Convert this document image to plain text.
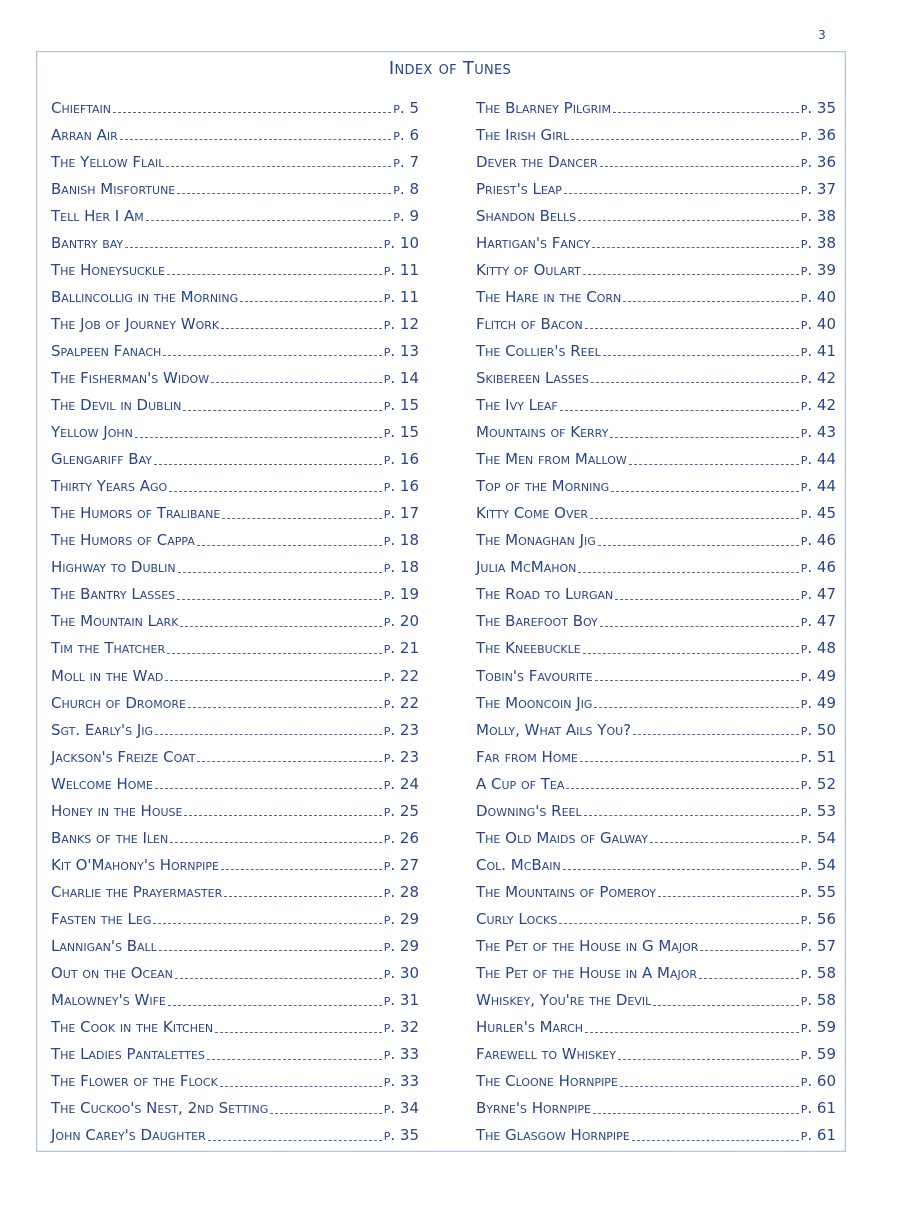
3
Index of Tunes
Chieftain	p. 5
Arran Air	p. 6
The Yellow Flail	p. 7
Banish Misfortune	p. 8
Tell Her I Am	p. 9
Bantry bay	p. 10
The Honeysuckle	p. 11
Ballincollig in the Morning	p. 11
The Job of Journey Work	p. 12
Spalpeen Fanach	p. 13
The Fisherman's Widow	p. 14
The Devil in Dublin	p. 15
Yellow John	p. 15
Glengariff Bay	p. 16
Thirty Years Ago	p. 16
The Humors of Tralibane	p. 17
The Humors of Cappa	p. 18
Highway to Dublin	p. 18
The Bantry Lasses	p. 19
The Mountain Lark	p. 20
Tim the Thatcher	p. 21
Moll in the Wad	p. 22
Church of Dromore	p. 22
Sgt. Early's Jig	p. 23
Jackson's Freize Coat	p. 23
Welcome Home	p. 24
Honey in the House	p. 25
Banks of the Ilen	p. 26
Kit O'Mahony's Hornpipe	p. 27
Charlie the Prayermaster	p. 28
Fasten the Leg	p. 29
Lannigan's Ball	p. 29
Out on the Ocean	p. 30
Malowney's Wife	p. 31
The Cook in the Kitchen	p. 32
The Ladies Pantalettes	p. 33
The Flower of the Flock	p. 33
The Cuckoo's Nest, 2nd Setting	p. 34
John Carey's Daughter	p. 35
The Blarney Pilgrim	p. 35
The Irish Girl	p. 36
Dever the Dancer	p. 36
Priest's Leap	p. 37
Shandon Bells	p. 38
Hartigan's Fancy	p. 38
Kitty of Oulart	p. 39
The Hare in the Corn	p. 40
Flitch of Bacon	p. 40
The Collier's Reel	p. 41
Skibereen Lasses	p. 42
The Ivy Leaf	p. 42
Mountains of Kerry	p. 43
The Men from Mallow	p. 44
Top of the Morning	p. 44
Kitty Come Over	p. 45
The Monaghan Jig	p. 46
Julia McMahon	p. 46
The Road to Lurgan	p. 47
The Barefoot Boy	p. 47
The Kneebuckle	p. 48
Tobin's Favourite	p. 49
The Mooncoin Jig	p. 49
Molly, What Ails You?	p. 50
Far from Home	p. 51
A Cup of Tea	p. 52
Downing's Reel	p. 53
The Old Maids of Galway	p. 54
Col. McBain	p. 54
The Mountains of Pomeroy	p. 55
Curly Locks	p. 56
The Pet of the House in G Major	p. 57
The Pet of the House in A Major	p. 58
Whiskey, You're the Devil	p. 58
Hurler's March	p. 59
Farewell to Whiskey	p. 59
The Cloone Hornpipe	p. 60
Byrne's Hornpipe	p. 61
The Glasgow Hornpipe	p. 61
